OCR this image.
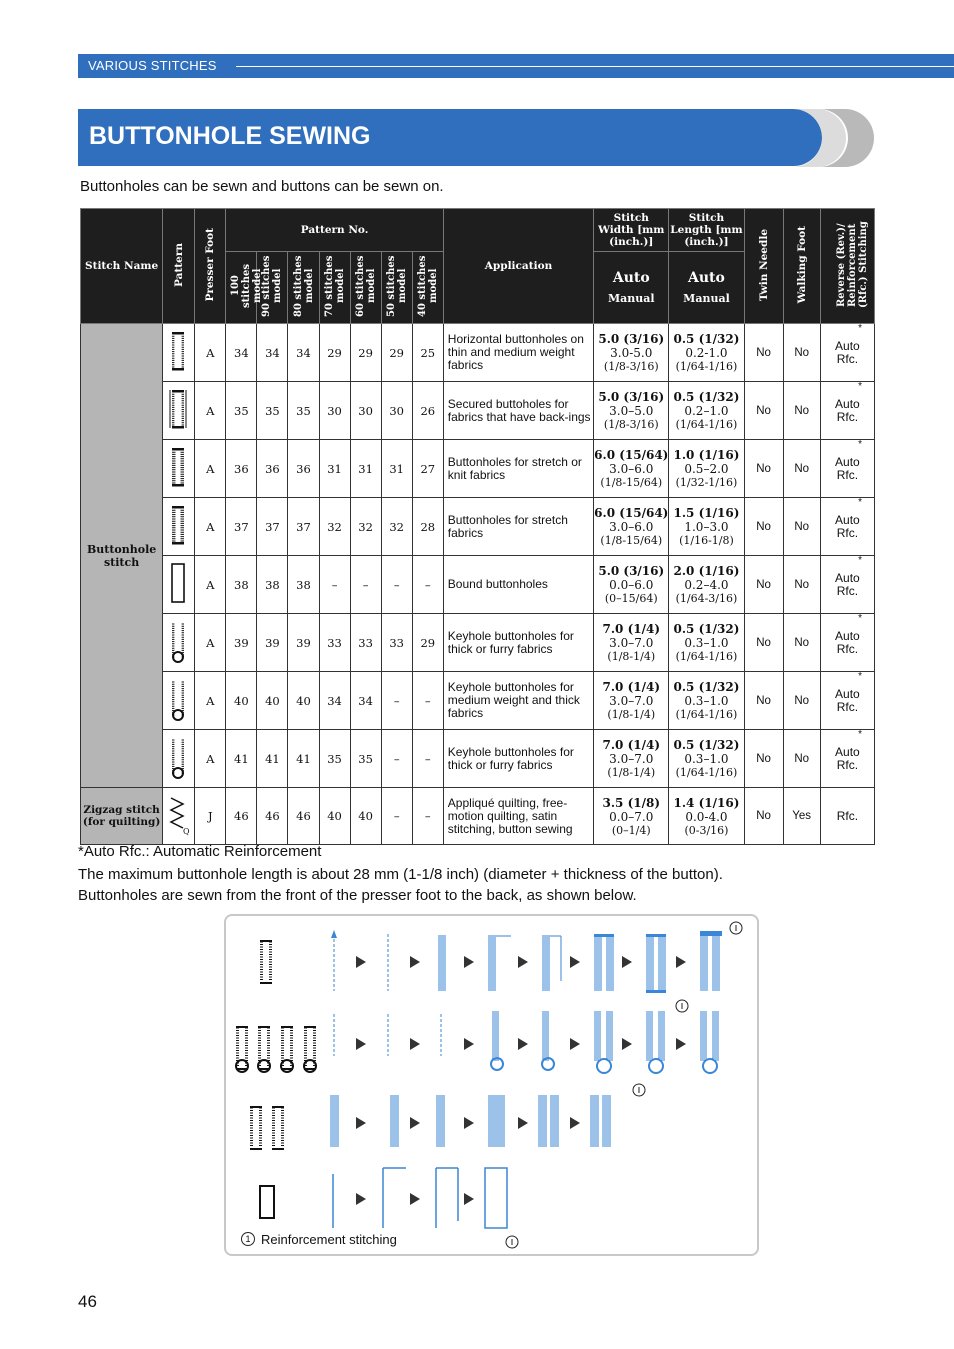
VARIOUS STITCHES
BUTTONHOLE SEWING
Buttonholes can be sewn and buttons can be sewn on.
Stitch Name	Pattern	Presser Foot	Pattern No.							Application	Stitch Width [mm (inch.)]	Stitch Length [mm (inch.)]	Twin Needle	Walking Foot	Reverse (Rev.)/ Reinforcement (Rfc.) Stitching
			100 stitches model	90 stitches model	80 stitches model	70 stitches model	60 stitches model	50 stitches model	40 stitches model		Auto
Manual	Auto
Manual			

Buttonhole stitch		A	34	34	34	29	29	29	25	Horizontal buttonholes on thin and medium weight fabrics	5.0 (3/16)
3.0-5.0
(1/8-3/16)	0.5 (1/32)
0.2-1.0
(1/64-1/16)	No	No	*
Auto Rfc.
	A	35	35	35	30	30	30	26	Secured buttoholes for fabrics that have back-ings	5.0 (3/16)
3.0–5.0
(1/8-3/16)	0.5 (1/32)
0.2–1.0
(1/64-1/16)	No	No	*
Auto Rfc.
	A	36	36	36	31	31	31	27	Buttonholes for stretch or knit fabrics	6.0 (15/64)
3.0–6.0
(1/8-15/64)	1.0 (1/16)
0.5–2.0
(1/32-1/16)	No	No	*
Auto Rfc.
	A	37	37	37	32	32	32	28	Buttonholes for stretch fabrics	6.0 (15/64)
3.0–6.0
(1/8-15/64)	1.5 (1/16)
1.0–3.0
(1/16-1/8)	No	No	*
Auto Rfc.
	A	38	38	38	–	–	–	–	Bound buttonholes	5.0 (3/16)
0.0–6.0
(0–15/64)	2.0 (1/16)
0.2–4.0
(1/64-3/16)	No	No	*
Auto Rfc.
	A	39	39	39	33	33	33	29	Keyhole buttonholes for thick or furry fabrics	7.0 (1/4)
3.0–7.0
(1/8-1/4)	0.5 (1/32)
0.3–1.0
(1/64-1/16)	No	No	*
Auto Rfc.
	A	40	40	40	34	34	–	–	Keyhole buttonholes for medium weight and thick fabrics	7.0 (1/4)
3.0–7.0
(1/8-1/4)	0.5 (1/32)
0.3–1.0
(1/64-1/16)	No	No	*
Auto Rfc.
	A	41	41	41	35	35	–	–	Keyhole buttonholes for thick or furry fabrics	7.0 (1/4)
3.0–7.0
(1/8-1/4)	0.5 (1/32)
0.3–1.0
(1/64-1/16)	No	No	*
Auto Rfc.
Zigzag stitch (for quilting)	Q	J	46	46	46	40	40	–	–	Appliqué quilting, free-motion quilting, satin stitching, button sewing	3.5 (1/8)
0.0–7.0
(0–1/4)	1.4 (1/16)
0.0-4.0
(0-3/16)	No	Yes	Rfc.
*Auto Rfc.: Automatic Reinforcement
The maximum buttonhole length is about 28 mm (1-1/8 inch) (diameter + thickness of the button).
Buttonholes are sewn from the front of the presser foot to the back, as shown below.
1 Reinforcement stitching
46
